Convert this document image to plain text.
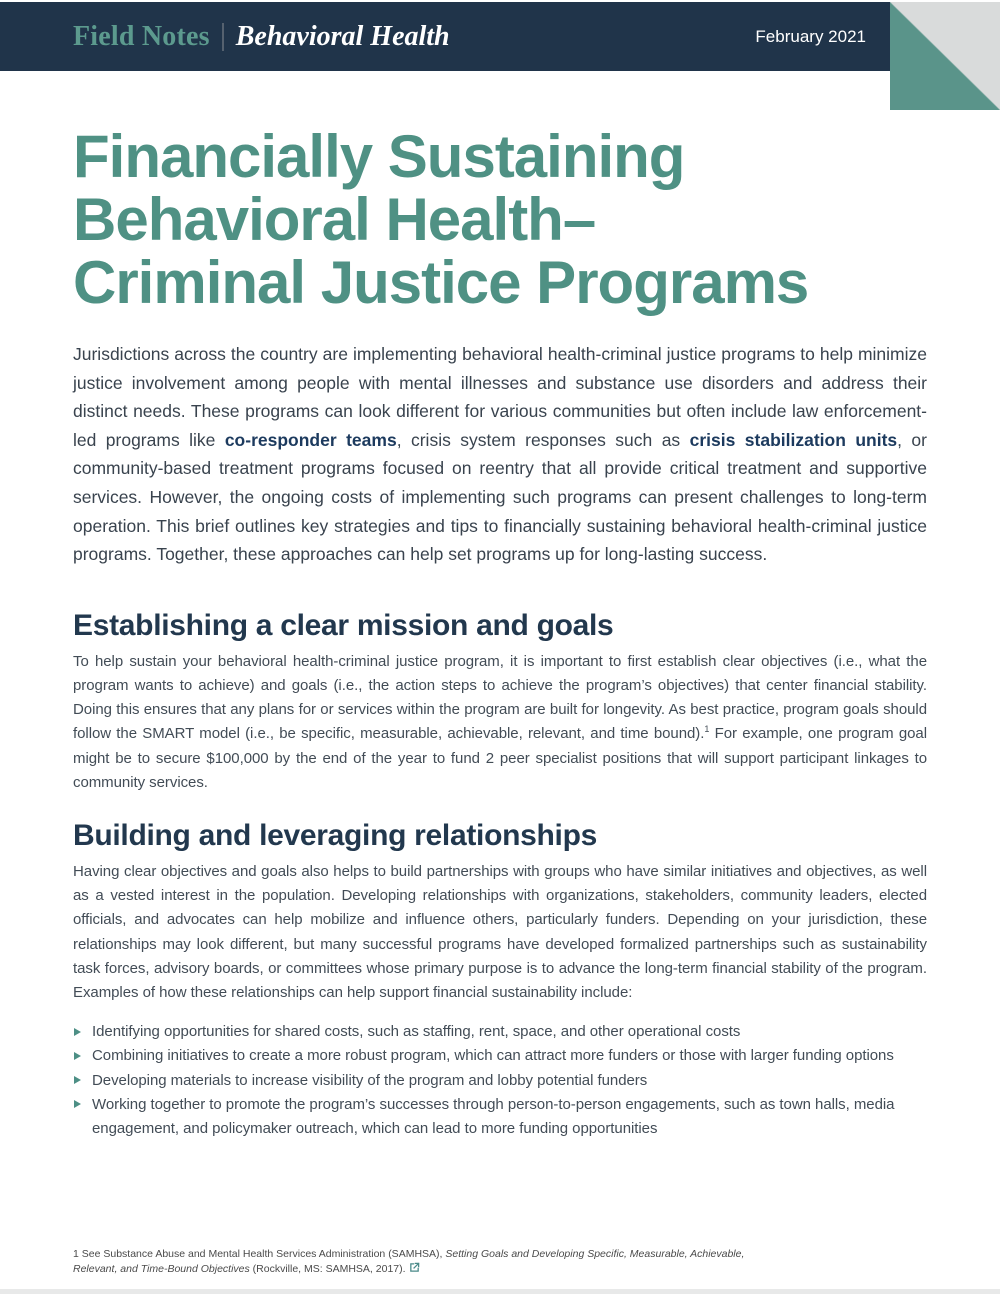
Field Notes Behavioral Health	February 2021
Financially Sustaining
Behavioral Health–
Criminal Justice Programs

Jurisdictions across the country are implementing behavioral health-criminal justice programs to help minimize justice involvement among people with mental illnesses and substance use disorders and address their distinct needs. These programs can look different for various communities but often include law enforcement-led programs like co-responder teams, crisis system responses such as crisis stabilization units, or community-based treatment programs focused on reentry that all provide critical treatment and supportive services. However, the ongoing costs of implementing such programs can present challenges to long-term operation. This brief outlines key strategies and tips to financially sustaining behavioral health-criminal justice programs. Together, these approaches can help set programs up for long-lasting success.

Establishing a clear mission and goals

To help sustain your behavioral health-criminal justice program, it is important to first establish clear objectives (i.e., what the program wants to achieve) and goals (i.e., the action steps to achieve the program’s objectives) that center financial stability. Doing this ensures that any plans for or services within the program are built for longevity. As best practice, program goals should follow the SMART model (i.e., be specific, measurable, achievable, relevant, and time bound).$^1$ For example, one program goal might be to secure $100,000 by the end of the year to fund 2 peer specialist positions that will support participant linkages to community services.

Building and leveraging relationships

Having clear objectives and goals also helps to build partnerships with groups who have similar initiatives and objectives, as well as a vested interest in the population. Developing relationships with organizations, stakeholders, community leaders, elected officials, and advocates can help mobilize and influence others, particularly funders. Depending on your jurisdiction, these relationships may look different, but many successful programs have developed formalized partnerships such as sustainability task forces, advisory boards, or committees whose primary purpose is to advance the long-term financial stability of the program. Examples of how these relationships can help support financial sustainability include:

Identifying opportunities for shared costs, such as staffing, rent, space, and other operational costs
Combining initiatives to create a more robust program, which can attract more funders or those with larger funding options
Developing materials to increase visibility of the program and lobby potential funders
Working together to promote the program’s successes through person-to-person engagements, such as town halls, media engagement, and policymaker outreach, which can lead to more funding opportunities

1 See Substance Abuse and Mental Health Services Administration (SAMHSA), Setting Goals and Developing Specific, Measurable, Achievable, Relevant, and Time-Bound Objectives (Rockville, MS: SAMHSA, 2017).
